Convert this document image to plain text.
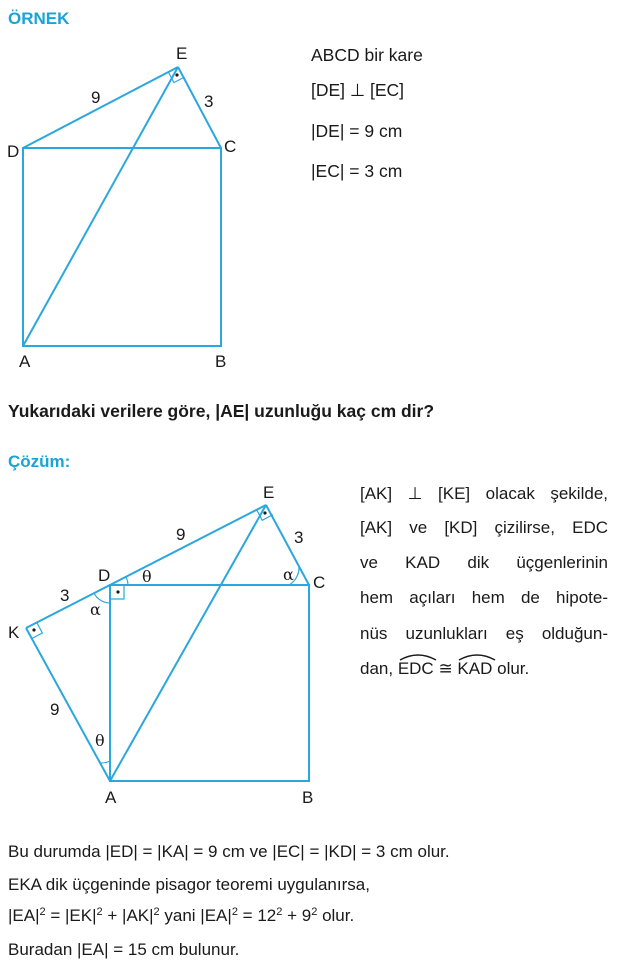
ÖRNEK
E
D	C
A	B
9	3
ABCD bir kare
[DE] ⊥ [EC]
|DE| = 9 cm
|EC| = 3 cm
Yukarıdaki verilere göre, |AE| uzunluğu kaç cm dir?
Çözüm:
E
D	C
K
A	B
9	3
3
9
θ
α
α
θ
[AK] ⊥ [KE] olacak şekilde,
[AK] ve [KD] çizilirse, EDC
ve KAD dik üçgenlerinin
hem açıları hem de hipote-
nüs uzunlukları eş olduğun-
dan,
EDC ≅
KAD olur.
Bu durumda |ED| = |KA| = 9 cm ve |EC| = |KD| = 3 cm olur.
EKA dik üçgeninde pisagor teoremi uygulanırsa,
$|EA|^2 = |EK|^2 + |AK|^2$ yani $|EA|^2 = 12^2 + 9^2$ olur.
Buradan |EA| = 15 cm bulunur.
